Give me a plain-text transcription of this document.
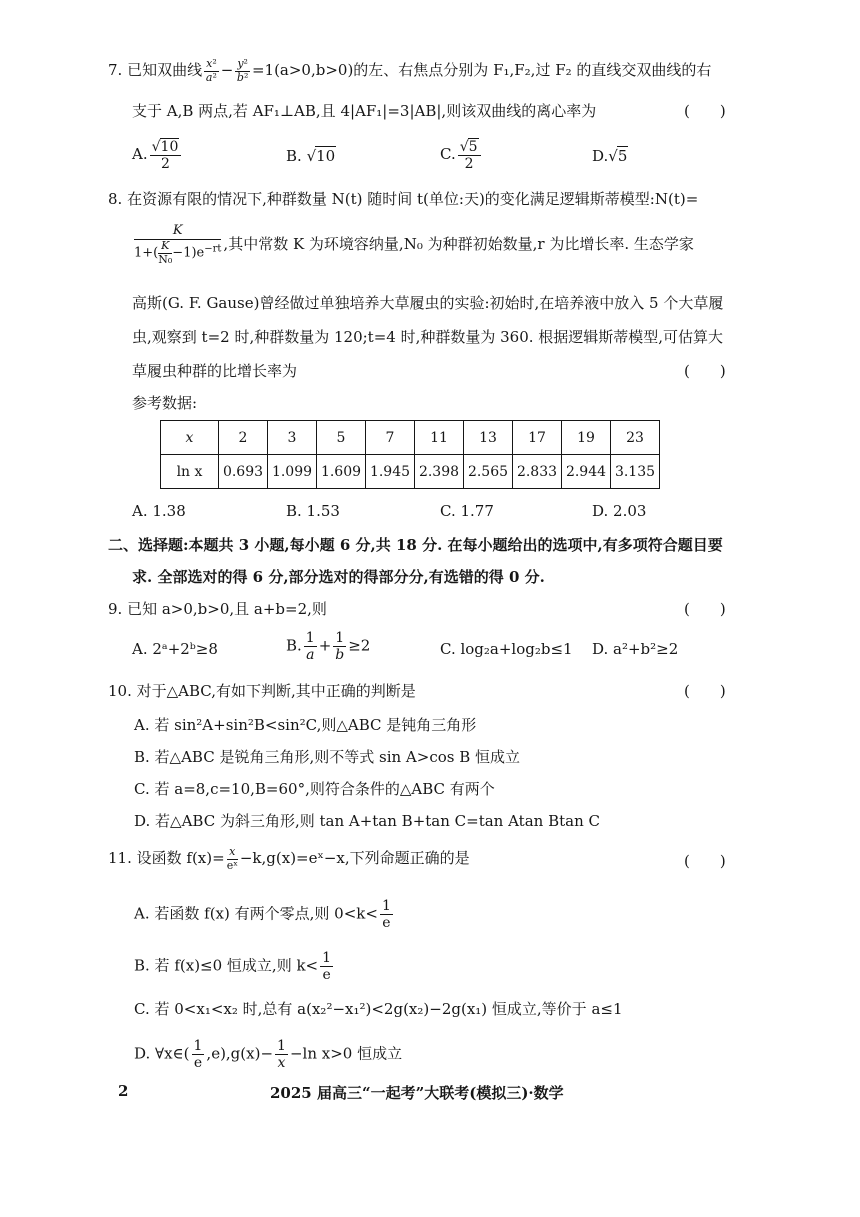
7. 已知双曲线 $\frac{\text{x²}}{\text{a²}} - \frac{\text{y²}}{\text{b²}} =1(a>0,b>0)$的左、右焦点分别为 F₁,F₂,过 F₂ 的直线交双曲线的右
支于 A,B 两点,若 AF₁⊥AB,且 4|AF₁|=3|AB|,则该双曲线的离心率为	(　　)
A. $\frac{√10}{2}$	B. √10	C. $\frac{√5}{2}$	D.√5
8. 在资源有限的情况下,种群数量 N(t) 随时间 t(单位:天)的变化满足逻辑斯蒂模型:N(t)=
$\frac{K}{1+( \frac{K}{\text{N₀}} -1)e^{-rt}}$ ,其中常数 K 为环境容纳量,N₀ 为种群初始数量,r 为比增长率. 生态学家
高斯(G. F. Gause)曾经做过单独培养大草履虫的实验:初始时,在培养液中放入 5 个大草履
虫,观察到 t=2 时,种群数量为 120;t=4 时,种群数量为 360. 根据逻辑斯蒂模型,可估算大
草履虫种群的比增长率为	(　　)
参考数据:
x	2	3	5	7	11	13	17	19	23
ln x	0.693	1.099	1.609	1.945	2.398	2.565	2.833	2.944	3.135
A. 1.38	B. 1.53	C. 1.77	D. 2.03
二、选择题:本题共 3 小题,每小题 6 分,共 18 分. 在每小题给出的选项中,有多项符合题目要
求. 全部选对的得 6 分,部分选对的得部分分,有选错的得 0 分.
9. 已知 a>0,b>0,且 a+b=2,则	(　　)
A. 2ᵃ+2ᵇ≥8	B. $\frac{1}{a} + \frac{1}{b} \ge 2$	C. log₂a+log₂b≤1 D. a²+b²≥2
10. 对于△ABC,有如下判断,其中正确的判断是	(　　)
A. 若 sin²A+sin²B<sin²C,则△ABC 是钝角三角形
B. 若△ABC 是锐角三角形,则不等式 sin A>cos B 恒成立
C. 若 a=8,c=10,B=60°,则符合条件的△ABC 有两个
D. 若△ABC 为斜三角形,则 tan A+tan B+tan C=tan Atan Btan C
11. 设函数 $f(x)= \frac{x}{\text{eˣ}}$ −k,g(x)=eˣ−x,下列命题正确的是	(　　)
A. 若函数 f(x) 有两个零点,则 $0<k< \frac{1}{e}$
B. 若 f(x)≤0 恒成立,则 $k< \frac{1}{e}$
C. 若 0<x₁<x₂ 时,总有 a(x₂²−x₁²)<2g(x₂)−2g(x₁) 恒成立,等价于 a≤1
D. ∀x∈( $\frac{1}{e} ,e),g(x)- \frac{1}{x} -\ln$ x>0 恒成立
2	2025 届高三“一起考”大联考(模拟三)·数学
